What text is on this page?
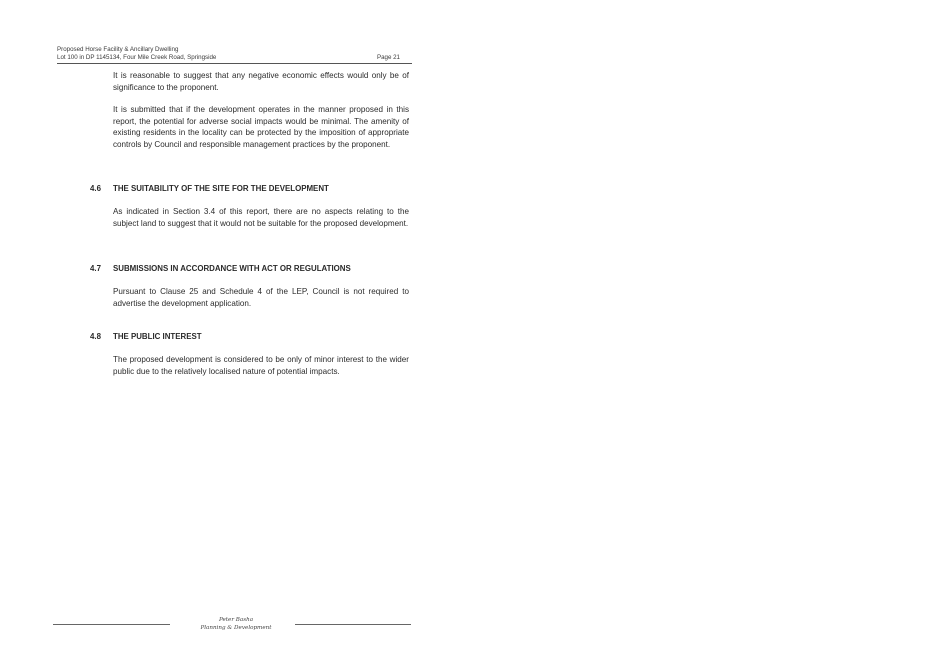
Proposed Horse Facility & Ancillary Dwelling
Lot 100 in DP 1145134, Four Mile Creek Road, Springside	Page 21
It is reasonable to suggest that any negative economic effects would only be of significance to the proponent.
It is submitted that if the development operates in the manner proposed in this report, the potential for adverse social impacts would be minimal. The amenity of existing residents in the locality can be protected by the imposition of appropriate controls by Council and responsible management practices by the proponent.
4.6 THE SUITABILITY OF THE SITE FOR THE DEVELOPMENT
As indicated in Section 3.4 of this report, there are no aspects relating to the subject land to suggest that it would not be suitable for the proposed development.
4.7 SUBMISSIONS IN ACCORDANCE WITH ACT OR REGULATIONS
Pursuant to Clause 25 and Schedule 4 of the LEP, Council is not required to advertise the development application.
4.8 THE PUBLIC INTEREST
The proposed development is considered to be only of minor interest to the wider public due to the relatively localised nature of potential impacts.
Peter Basha
Planning & Development
